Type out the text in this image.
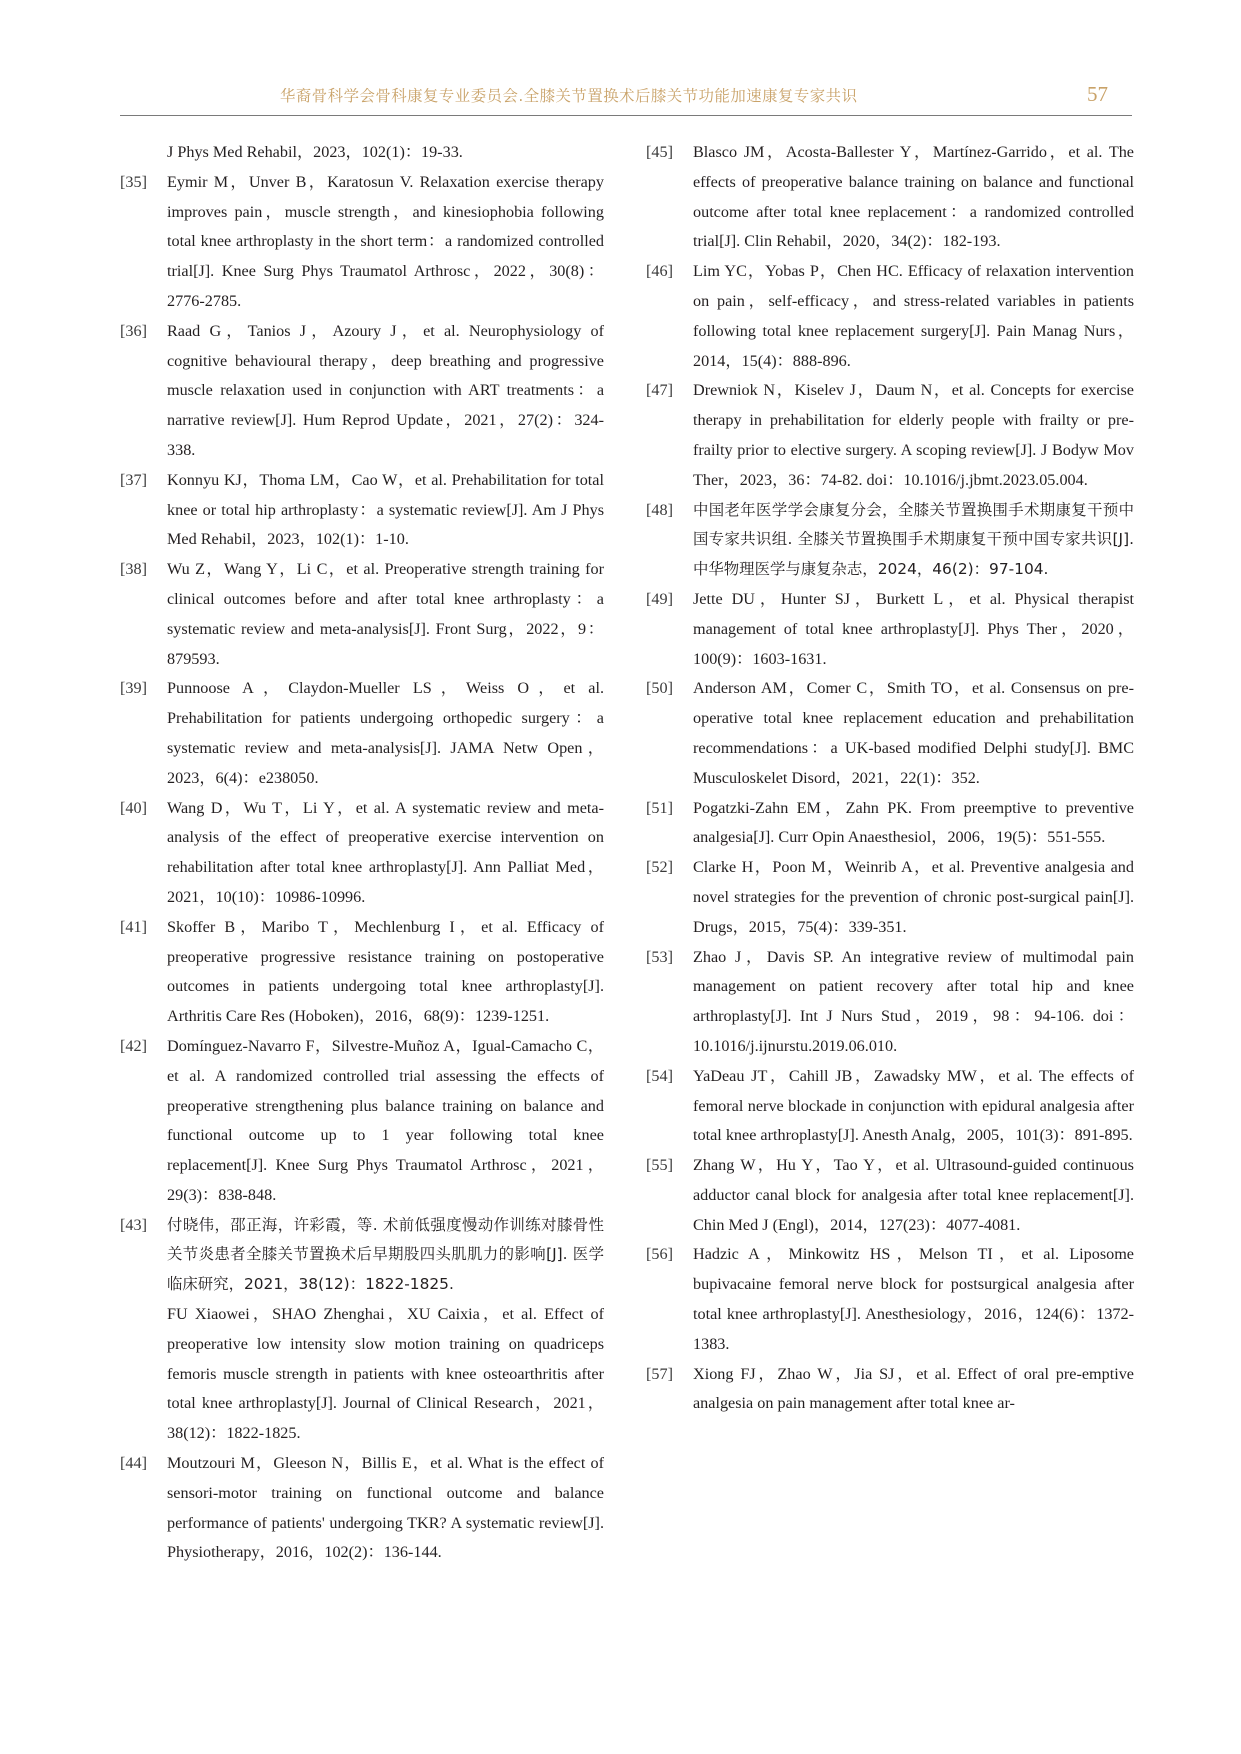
华裔骨科学会骨科康复专业委员会.全膝关节置换术后膝关节功能加速康复专家共识	57
J Phys Med Rehabil，2023，102(1)：19-33.
[35] Eymir M，Unver B，Karatosun V. Relaxation exercise therapy improves pain，muscle strength，and kinesiophobia following total knee arthroplasty in the short term：a randomized controlled trial[J]. Knee Surg Phys Traumatol Arthrosc，2022，30(8)：2776-2785.
[36] Raad G，Tanios J，Azoury J，et al. Neurophysiology of cognitive behavioural therapy，deep breathing and progressive muscle relaxation used in conjunction with ART treatments：a narrative review[J]. Hum Reprod Update，2021，27(2)：324-338.
[37] Konnyu KJ，Thoma LM，Cao W，et al. Prehabilitation for total knee or total hip arthroplasty：a systematic review[J]. Am J Phys Med Rehabil，2023，102(1)：1-10.
[38] Wu Z，Wang Y，Li C，et al. Preoperative strength training for clinical outcomes before and after total knee arthroplasty：a systematic review and meta-analysis[J]. Front Surg，2022，9：879593.
[39] Punnoose A，Claydon-Mueller LS，Weiss O，et al. Prehabilitation for patients undergoing orthopedic surgery：a systematic review and meta-analysis[J]. JAMA Netw Open，2023，6(4)：e238050.
[40] Wang D，Wu T，Li Y，et al. A systematic review and meta-analysis of the effect of preoperative exercise intervention on rehabilitation after total knee arthroplasty[J]. Ann Palliat Med，2021，10(10)：10986-10996.
[41] Skoffer B，Maribo T，Mechlenburg I，et al. Efficacy of preoperative progressive resistance training on postoperative outcomes in patients undergoing total knee arthroplasty[J]. Arthritis Care Res (Hoboken)，2016，68(9)：1239-1251.
[42] Domínguez-Navarro F，Silvestre-Muñoz A，Igual-Camacho C，et al. A randomized controlled trial assessing the effects of preoperative strengthening plus balance training on balance and functional outcome up to 1 year following total knee replacement[J]. Knee Surg Phys Traumatol Arthrosc，2021，29(3)：838-848.
[43] 付晓伟，邵正海，许彩霞，等. 术前低强度慢动作训练对膝骨性关节炎患者全膝关节置换术后早期股四头肌肌力的影响[J]. 医学临床研究，2021，38(12)：1822-1825.
FU Xiaowei，SHAO Zhenghai，XU Caixia，et al. Effect of preoperative low intensity slow motion training on quadriceps femoris muscle strength in patients with knee osteoarthritis after total knee arthroplasty[J]. Journal of Clinical Research，2021，38(12)：1822-1825.
[44] Moutzouri M，Gleeson N，Billis E，et al. What is the effect of sensori-motor training on functional outcome and balance performance of patients' undergoing TKR? A systematic review[J]. Physiotherapy，2016，102(2)：136-144.
[45] Blasco JM，Acosta-Ballester Y，Martínez-Garrido，et al. The effects of preoperative balance training on balance and functional outcome after total knee replacement：a randomized controlled trial[J]. Clin Rehabil，2020，34(2)：182-193.
[46] Lim YC，Yobas P，Chen HC. Efficacy of relaxation intervention on pain，self-efficacy，and stress-related variables in patients following total knee replacement surgery[J]. Pain Manag Nurs，2014，15(4)：888-896.
[47] Drewniok N，Kiselev J，Daum N，et al. Concepts for exercise therapy in prehabilitation for elderly people with frailty or pre-frailty prior to elective surgery. A scoping review[J]. J Bodyw Mov Ther，2023，36：74-82. doi：10.1016/j.jbmt.2023.05.004.
[48] 中国老年医学学会康复分会，全膝关节置换围手术期康复干预中国专家共识组. 全膝关节置换围手术期康复干预中国专家共识[J]. 中华物理医学与康复杂志，2024，46(2)：97-104.
[49] Jette DU，Hunter SJ，Burkett L，et al. Physical therapist management of total knee arthroplasty[J]. Phys Ther，2020，100(9)：1603-1631.
[50] Anderson AM，Comer C，Smith TO，et al. Consensus on pre-operative total knee replacement education and prehabilitation recommendations：a UK-based modified Delphi study[J]. BMC Musculoskelet Disord，2021，22(1)：352.
[51] Pogatzki-Zahn EM，Zahn PK. From preemptive to preventive analgesia[J]. Curr Opin Anaesthesiol，2006，19(5)：551-555.
[52] Clarke H，Poon M，Weinrib A，et al. Preventive analgesia and novel strategies for the prevention of chronic post-surgical pain[J]. Drugs，2015，75(4)：339-351.
[53] Zhao J，Davis SP. An integrative review of multimodal pain management on patient recovery after total hip and knee arthroplasty[J]. Int J Nurs Stud，2019，98：94-106. doi：10.1016/j.ijnurstu.2019.06.010.
[54] YaDeau JT，Cahill JB，Zawadsky MW，et al. The effects of femoral nerve blockade in conjunction with epidural analgesia after total knee arthroplasty[J]. Anesth Analg，2005，101(3)：891-895.
[55] Zhang W，Hu Y，Tao Y，et al. Ultrasound-guided continuous adductor canal block for analgesia after total knee replacement[J]. Chin Med J (Engl)，2014，127(23)：4077-4081.
[56] Hadzic A，Minkowitz HS，Melson TI，et al. Liposome bupivacaine femoral nerve block for postsurgical analgesia after total knee arthroplasty[J]. Anesthesiology，2016，124(6)：1372-1383.
[57] Xiong FJ，Zhao W，Jia SJ，et al. Effect of oral pre-emptive analgesia on pain management after total knee ar-
